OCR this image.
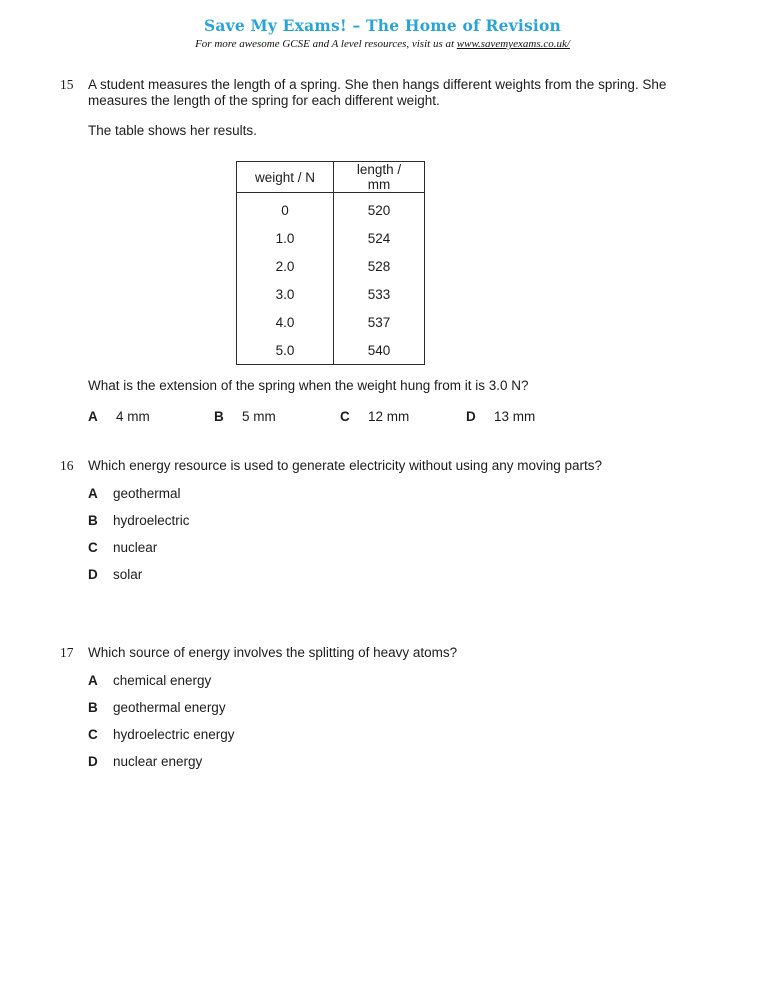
Save My Exams! – The Home of Revision
For more awesome GCSE and A level resources, visit us at www.savemyexams.co.uk/
15 A student measures the length of a spring. She then hangs different weights from the spring. She measures the length of the spring for each different weight.

The table shows her results.

weight / N	length / mm
0	520
1.0	524
2.0	528
3.0	533
4.0	537
5.0	540

What is the extension of the spring when the weight hung from it is 3.0 N?

A 4 mm	B 5 mm	C 12 mm	D 13 mm
16 Which energy resource is used to generate electricity without using any moving parts?

A geothermal
B hydroelectric
C nuclear
D solar
17 Which source of energy involves the splitting of heavy atoms?

A chemical energy
B geothermal energy
C hydroelectric energy
D nuclear energy
